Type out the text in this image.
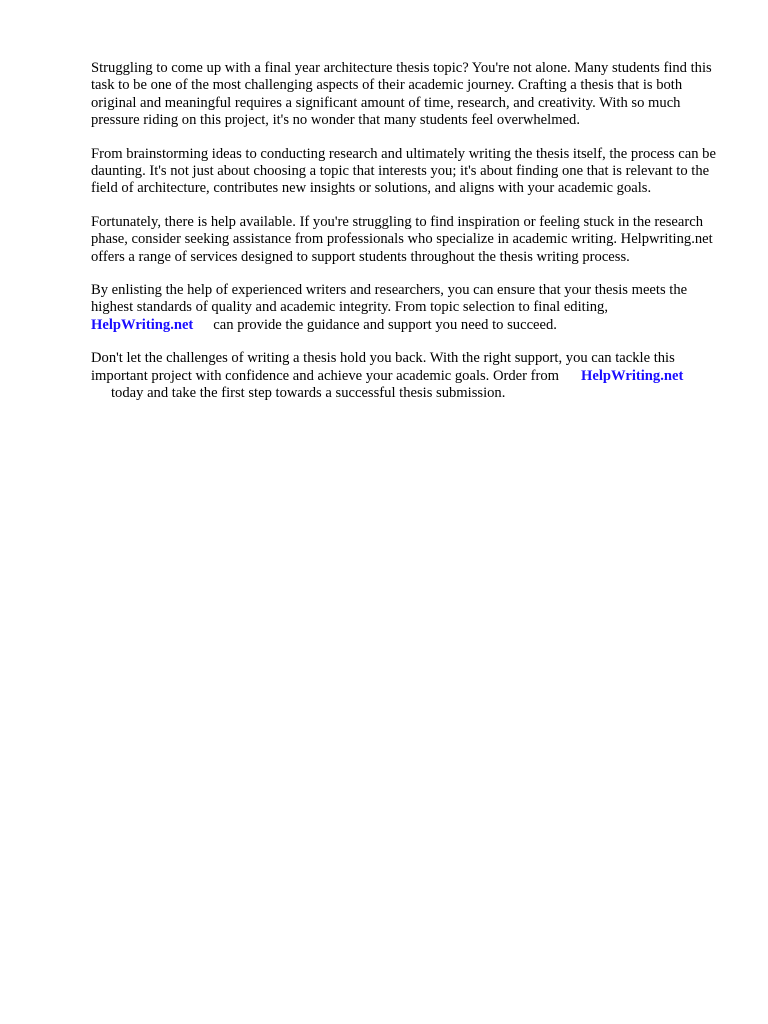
Struggling to come up with a final year architecture thesis topic? You're not alone. Many students find this task to be one of the most challenging aspects of their academic journey. Crafting a thesis that is both original and meaningful requires a significant amount of time, research, and creativity. With so much pressure riding on this project, it's no wonder that many students feel overwhelmed.

From brainstorming ideas to conducting research and ultimately writing the thesis itself, the process can be daunting. It's not just about choosing a topic that interests you; it's about finding one that is relevant to the field of architecture, contributes new insights or solutions, and aligns with your academic goals.

Fortunately, there is help available. If you're struggling to find inspiration or feeling stuck in the research phase, consider seeking assistance from professionals who specialize in academic writing. Helpwriting.net offers a range of services designed to support students throughout the thesis writing process.

By enlisting the help of experienced writers and researchers, you can ensure that your thesis meets the highest standards of quality and academic integrity. From topic selection to final editing,
HelpWriting.net can provide the guidance and support you need to succeed.

Don't let the challenges of writing a thesis hold you back. With the right support, you can tackle this important project with confidence and achieve your academic goals. Order from HelpWriting.net
today and take the first step towards a successful thesis submission.
